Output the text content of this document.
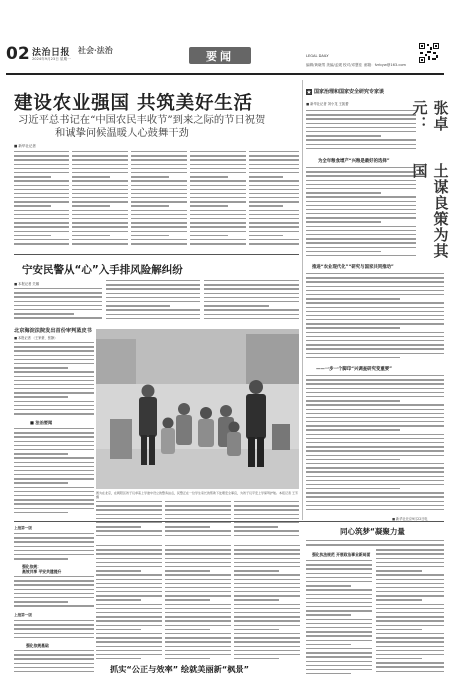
02 法治日报 社会·法治
2024年9月23日 星期一	要闻	LEGAL DAILY
编辑/黄晓男 美编/孟媛 校对/邓慧佳 邮箱：fzrbyw@163.com
建设农业强国 共筑美好生活
习近平总书记在“中国农民丰收节”到来之际的节日祝贺
和诚挚问候温暖人心鼓舞干劲
■ 新华社记者
国家治理和国家安全研究专家谈
■ 新华社记者 刘小龙 王凯蕾
为全年粮食增产“兴粮是最好的选择”
推进“农业现代化”“研究与国家共同推动”
——一步一个脚印“兴调查研究变重要”
■ 新华社北京9月22日电
张卓元：
土谋良策为其国
宁安民警从“心”入手排风险解纠纷
■ 本报记者 关娜
北京海淀法院发出首份审判蓝皮书
■ 本报记者 （王家豪、张静）
■ 法治要闻
图为在北京，在朝阳区孩子们拿着上学途中设立的警务站点，民警正在一位学生家长的帮助下处理安全事宜，为孩子们平安上学保驾护航。本报记者 王芳 摄
上接第一版
强化依规：
高效共享 平安共建提升
上接第一版
强化依规基础
抓实“公正与效率” 绘就美丽新“枫景”
同心筑梦“凝聚力量
强化执法规范 开展政治事业新局面
